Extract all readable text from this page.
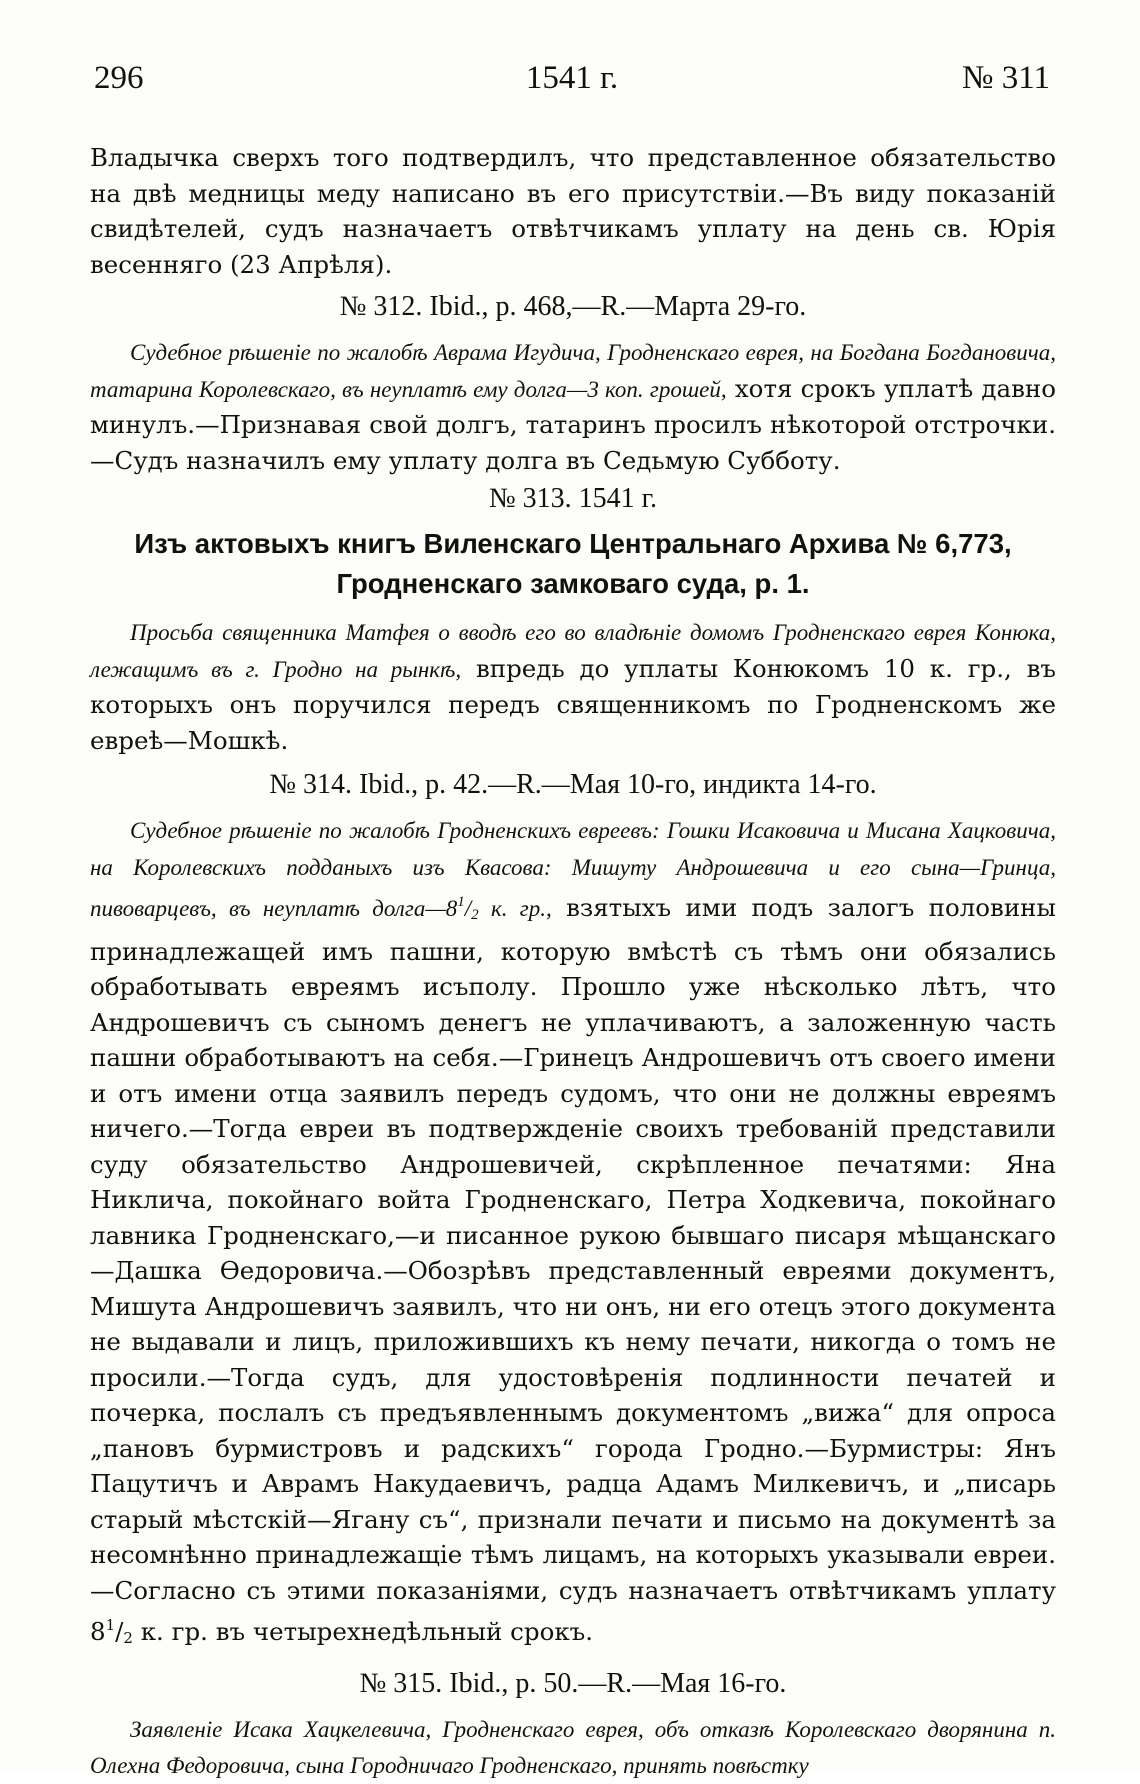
296	1541 г.	№ 311

Владычка сверхъ того подтвердилъ, что представленное обязательство на двѣ медницы меду написано въ его присутствіи.—Въ виду показаній свидѣтелей, судъ назначаетъ отвѣтчикамъ уплату на день св. Юрія весенняго (23 Апрѣля).

№ 312. Ibid., р. 468,—R.—Марта 29-го.

Судебное рѣшеніе по жалобѣ Аврама Игудича, Гродненскаго еврея, на Богдана Богдановича, татарина Королевскаго, въ неуплатѣ ему долга—3 коп. грошей, хотя срокъ уплатѣ давно минулъ.—Признавая свой долгъ, татаринъ просилъ нѣкоторой отстрочки.—Судъ назначилъ ему уплату долга въ Седьмую Субботу.

№ 313. 1541 г.

Изъ актовыхъ книгъ Виленскаго Центральнаго Архива № 6,773, Гродненскаго замковаго суда, р. 1.

Просьба священника Матфея о вводѣ его во владѣніе домомъ Гродненскаго еврея Конюка, лежащимъ въ г. Гродно на рынкѣ, впредь до уплаты Конюкомъ 10 к. гр., въ которыхъ онъ поручился передъ священникомъ по Гродненскомъ же евреѣ—Мошкѣ.

№ 314. Ibid., р. 42.—R.—Мая 10-го, индикта 14-го.

Судебное рѣшеніе по жалобѣ Гродненскихъ евреевъ: Гошки Исаковича и Мисана Хацковича, на Королевскихъ подданыхъ изъ Квасова: Мишуту Андрошевича и его сына—Гринца, пивоварцевъ, въ неуплатѣ $долга—8^1/_2$ к. гр., взятыхъ ими подъ залогъ половины принадлежащей имъ пашни, которую вмѣстѣ съ тѣмъ они обязались обработывать евреямъ исъполу. Прошло уже нѣсколько лѣтъ, что Андрошевичъ съ сыномъ денегъ не уплачиваютъ, а заложенную часть пашни обработываютъ на себя.—Гринецъ Андрошевичъ отъ своего имени и отъ имени отца заявилъ передъ судомъ, что они не должны евреямъ ничего.—Тогда евреи въ подтвержденіе своихъ требованій представили суду обязательство Андрошевичей, скрѣпленное печатями: Яна Никлича, покойнаго войта Гродненскаго, Петра Ходкевича, покойнаго лавника Гродненскаго,—и писанное рукою бывшаго писаря мѣщанскаго—Дашка Өедоровича.—Обозрѣвъ представленный евреями документъ, Мишута Андрошевичъ заявилъ, что ни онъ, ни его отецъ этого документа не выдавали и лицъ, приложившихъ къ нему печати, никогда о томъ не просили.—Тогда судъ, для удостовѣренія подлинности печатей и почерка, послалъ съ предъявленнымъ документомъ „вижа“ для опроса „пановъ бурмистровъ и радскихъ“ города Гродно.—Бурмистры: Янъ Пацутичъ и Аврамъ Накудаевичъ, радца Адамъ Милкевичъ, и „писарь старый мѣстскій—Ягану съ“, признали печати и письмо на документѣ за несомнѣнно принадлежащіе тѣмъ лицамъ, на которыхъ указывали евреи.—Согласно съ этими показаніями, судъ назначаетъ отвѣтчикамъ уплату $8^1/_2$ к. гр. въ четырехнедѣльный срокъ.

№ 315. Ibid., р. 50.—R.—Мая 16-го.

Заявленіе Исака Хацкелевича, Гродненскаго еврея, объ отказѣ Королевскаго дворянина п. Олехна Федоровича, сына Городничаго Гродненскаго, принять повѣстку
